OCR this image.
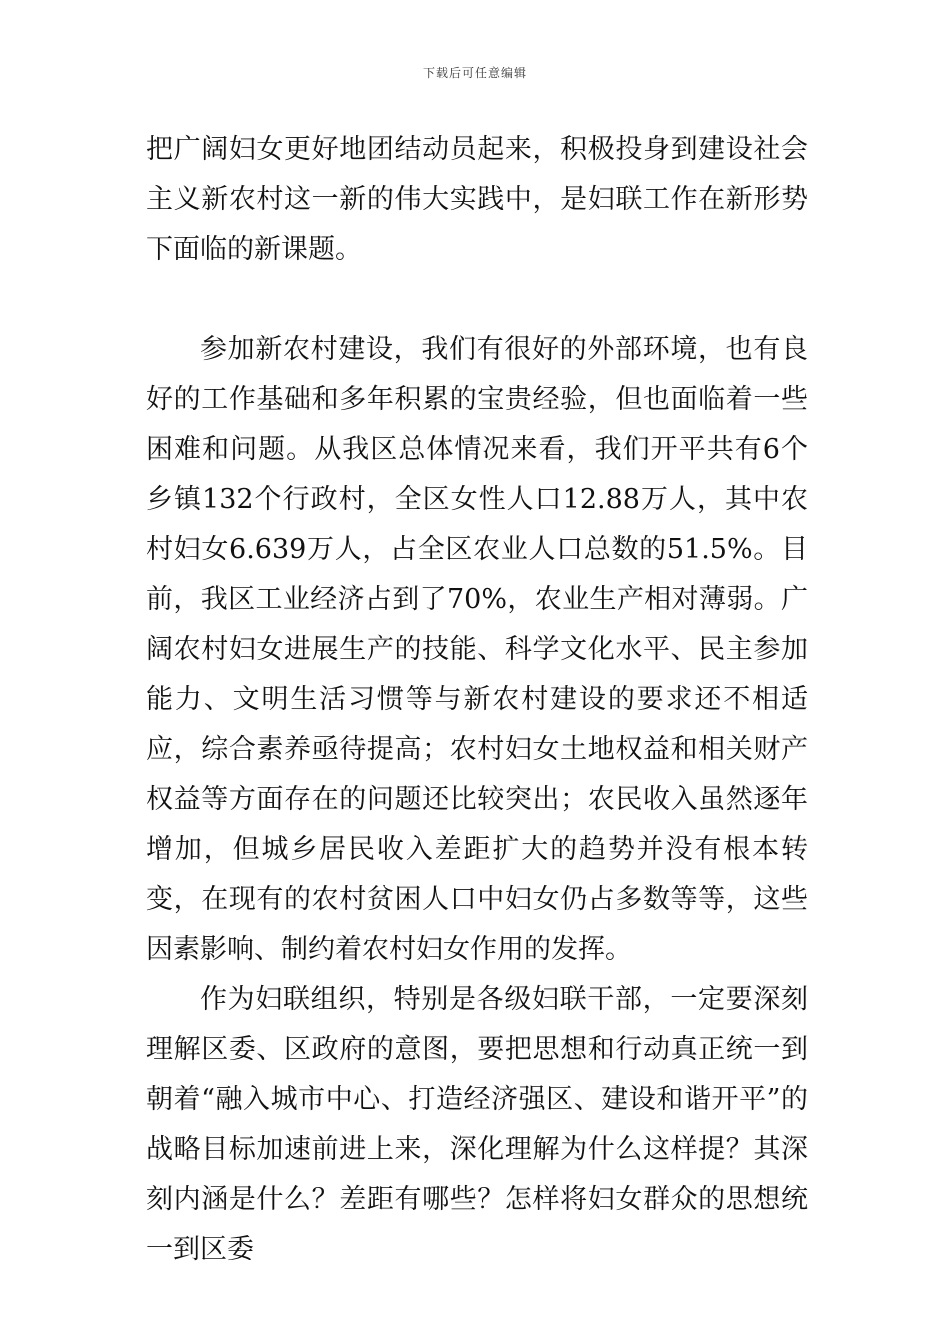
下载后可任意编辑

把广阔妇女更好地团结动员起来，积极投身到建设社会主义新农村这一新的伟大实践中，是妇联工作在新形势下面临的新课题。

参加新农村建设，我们有很好的外部环境，也有良好的工作基础和多年积累的宝贵经验，但也面临着一些困难和问题。从我区总体情况来看，我们开平共有6个乡镇132个行政村，全区女性人口12.88万人，其中农村妇女6.639万人，占全区农业人口总数的51.5%。目前，我区工业经济占到了70%，农业生产相对薄弱。广阔农村妇女进展生产的技能、科学文化水平、民主参加能力、文明生活习惯等与新农村建设的要求还不相适应，综合素养亟待提高；农村妇女土地权益和相关财产权益等方面存在的问题还比较突出；农民收入虽然逐年增加，但城乡居民收入差距扩大的趋势并没有根本转变，在现有的农村贫困人口中妇女仍占多数等等，这些因素影响、制约着农村妇女作用的发挥。

作为妇联组织，特别是各级妇联干部，一定要深刻理解区委、区政府的意图，要把思想和行动真正统一到朝着“融入城市中心、打造经济强区、建设和谐开平”的战略目标加速前进上来，深化理解为什么这样提？其深刻内涵是什么？差距有哪些？怎样将妇女群众的思想统一到区委
